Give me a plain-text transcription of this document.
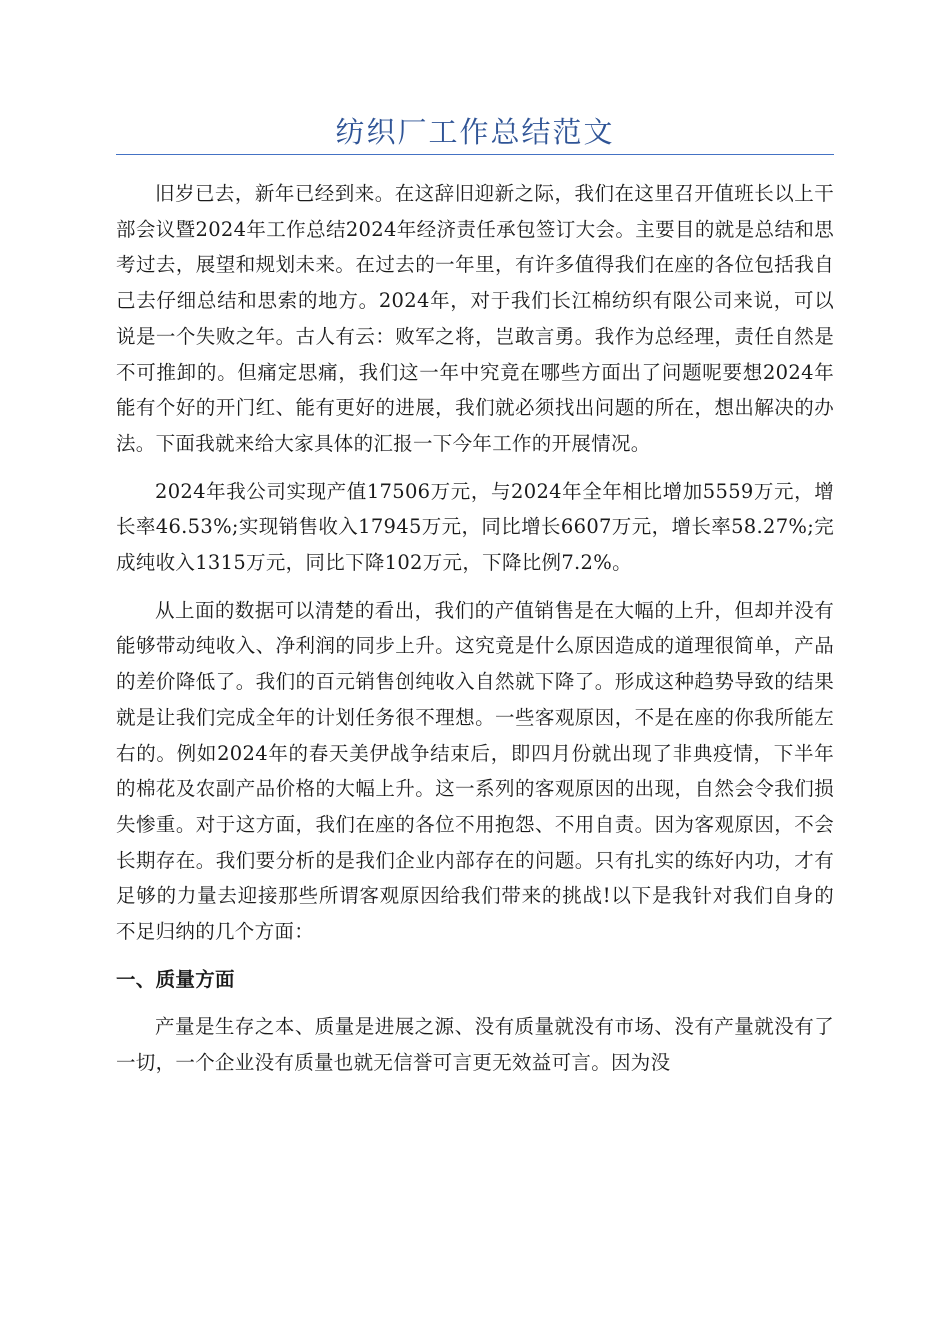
纺织厂工作总结范文

旧岁已去，新年已经到来。在这辞旧迎新之际，我们在这里召开值班长以上干部会议暨2024年工作总结2024年经济责任承包签订大会。主要目的就是总结和思考过去，展望和规划未来。在过去的一年里，有许多值得我们在座的各位包括我自己去仔细总结和思索的地方。2024年，对于我们长江棉纺织有限公司来说，可以说是一个失败之年。古人有云：败军之将，岂敢言勇。我作为总经理，责任自然是不可推卸的。但痛定思痛，我们这一年中究竟在哪些方面出了问题呢要想2024年能有个好的开门红、能有更好的进展，我们就必须找出问题的所在，想出解决的办法。下面我就来给大家具体的汇报一下今年工作的开展情况。

2024年我公司实现产值17506万元，与2024年全年相比增加5559万元，增长率46.53%;实现销售收入17945万元，同比增长6607万元，增长率58.27%;完成纯收入1315万元，同比下降102万元，下降比例7.2%。

从上面的数据可以清楚的看出，我们的产值销售是在大幅的上升，但却并没有能够带动纯收入、净利润的同步上升。这究竟是什么原因造成的道理很简单，产品的差价降低了。我们的百元销售创纯收入自然就下降了。形成这种趋势导致的结果就是让我们完成全年的计划任务很不理想。一些客观原因，不是在座的你我所能左右的。例如2024年的春天美伊战争结束后，即四月份就出现了非典疫情，下半年的棉花及农副产品价格的大幅上升。这一系列的客观原因的出现，自然会令我们损失惨重。对于这方面，我们在座的各位不用抱怨、不用自责。因为客观原因，不会长期存在。我们要分析的是我们企业内部存在的问题。只有扎实的练好内功，才有足够的力量去迎接那些所谓客观原因给我们带来的挑战!以下是我针对我们自身的不足归纳的几个方面：

一、质量方面

产量是生存之本、质量是进展之源、没有质量就没有市场、没有产量就没有了一切，一个企业没有质量也就无信誉可言更无效益可言。因为没
